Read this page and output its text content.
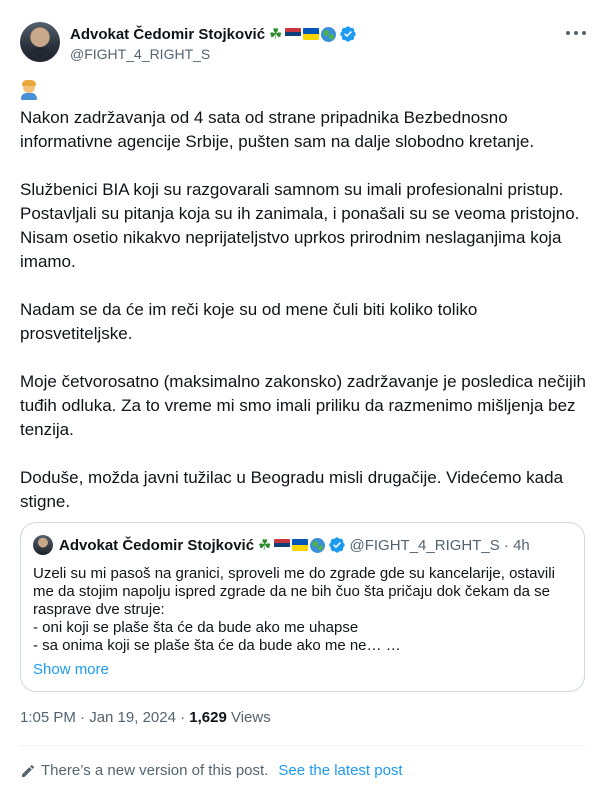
Advokat Čedomir Stojković ☘
@FIGHT_4_RIGHT_S
Nakon zadržavanja od 4 sata od strane pripadnika Bezbednosno informativne agencije Srbije, pušten sam na dalje slobodno kretanje.
Službenici BIA koji su razgovarali samnom su imali profesionalni pristup. Postavljali su pitanja koja su ih zanimala, i ponašali su se veoma pristojno. Nisam osetio nikakvo neprijateljstvo uprkos prirodnim neslaganjima koja imamo.
Nadam se da će im reči koje su od mene čuli biti koliko toliko prosvetiteljske.
Moje četvorosatno (maksimalno zakonsko) zadržavanje je posledica nečijih tuđih odluka. Za to vreme mi smo imali priliku da razmenimo mišljenja bez tenzija.
Doduše, možda javni tužilac u Beogradu misli drugačije. Videćemo kada stigne.
Advokat Čedomir Stojković ☘	@FIGHT_4_RIGHT_S · 4h
Uzeli su mi pasoš na granici, sproveli me do zgrade gde su kancelarije, ostavili
me da stojim napolju ispred zgrade da ne bih čuo šta pričaju dok čekam da se
rasprave dve struje:
- oni koji se plaše šta će da bude ako me uhapse
- sa onima koji se plaše šta će da bude ako me ne… …
Show more
1:05 PM · Jan 19, 2024 · 1,629 Views
There’s a new version of this post. See the latest post
